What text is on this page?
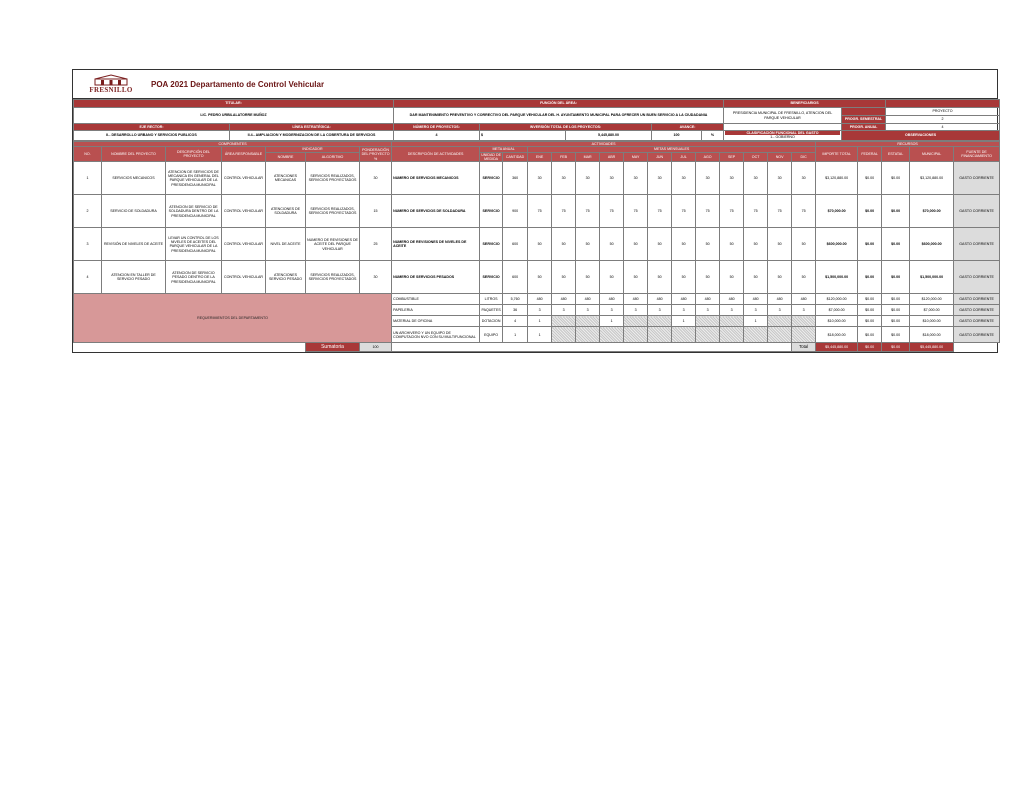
FRESNILLO
POA 2021 Departamento de Control Vehicular
TITULAR:		FUNCIÓN DEL ÁREA:					BENEFICIARIOS		
LIC. PEDRO URBILALATORRE MUÑOZ		DAR MANTENIMIENTO PREVENTIVO Y CORRECTIVO DEL PARQUE VEHICULAR DEL H. AYUNTAMIENTO MUNICIPAL PARA OFRECER UN BUEN SERVICIO A LA CIUDADANIA					PRESIDENCIA MUNICIPAL DE FRESNILLO, ATENCION DEL PARQUE VEHICULAR		PROYECTO
								PROGR. SEMESTRAL	2
EJE RECTOR:	LÍNEA ESTRATÉGICA:	NÚMERO DE PROYECTOS:	INVERSIÓN TOTAL DE LOS PROYECTOS:		AVANCE:			PROGR. ANUAL	4
II.- DESARROLLO URBANO Y SERVICIOS PUBLICOS	II.4.- AMPLIACION Y MODERNIZACION DE LA COBERTURA DE SERVICIOS	4	$	5,445,880.00	100	%	CLASIFICACIÓN FUNCIONAL DEL GASTO
1.- GOBIERNO	OBSERVACIONES	
COMPONENTES							ACTIVIDADES															RECURSOS				
NO.	NOMBRE DEL PROYECTO	DESCRIPCIÓN DEL PROYECTO	ÁREA RESPONSABLE	INDICADOR		PONDERACIÓN DEL PROYECTO %	DESCRIPCIÓN DE ACTIVIDADES	META ANUAL		METAS MENSUALES												IMPORTE TOTAL	FEDERAL	ESTATAL	MUNICIPAL	FUENTE DE FINANCIAMIENTO
				NOMBRE	ALGORITMO			UNIDAD DE MEDIDA	CANTIDAD	ENE	FEB	MAR	ABR	MAY	JUN	JUL	AGO	SEP	OCT	NOV	DIC					
1	SERVICIOS MECANICOS	ATENCION DE SERVICIOS DE MECANICA EN GENERAL DEL PARQUE VEHICULAR DE LA PRESIDENCIA MUNICIPAL	CONTROL VEHICULAR	ATENCIONES MECANICAS	SERVICIOS REALIZADOS, SERVICIOS PROYECTADOS	30	NUMERO DE SERVICIOS MECANICOS	SERVICIO	360	30	30	30	30	30	30	30	30	30	30	30	30	$3,120,880.00	$0.00	$0.00	$3,120,880.00	GASTO CORRIENTE
2	SERVICIO DE SOLDADURA	ATENCION DE SERVICIO DE SOLDADURA DENTRO DE LA PRESIDENCIA MUNICIPAL	CONTROL VEHICULAR	ATENCIONES DE SOLDADURA	SERVICIOS REALIZADOS, SERVICIOS PROYECTADOS	15	NUMERO DE SERVICIOS DE SOLDADURA	SERVICIO	900	75	75	75	75	75	75	75	75	75	75	75	75	$70,000.00	$0.00	$0.00	$70,000.00	GASTO CORRIENTE
3	REVISIÓN DE NIVELES DE ACEITE	LEVAR UN CONTROL DE LOS NIVELES DE ACEITES DEL PARQUE VEHICULAR DE LA PRESIDENCIA MUNICIPAL	CONTROL VEHICULAR	NIVEL DE ACEITE	NUMERO DE REVISIONES DE ACEITE DEL PARQUE VEHICULAR	25	NUMERO DE REVISIONES DE NIVELES DE ACEITE	SERVICIO	600	50	50	50	50	50	50	50	50	50	50	50	50	$600,000.00	$0.00	$0.00	$600,000.00	GASTO CORRIENTE
4	ATENCION EN TALLER DE SERVICIO PESADO	ATENCION DE SERVICIO PESADO DENTRO DE LA PRESIDENCIA MUNICIPAL	CONTROL VEHICULAR	ATENCIONES SERVICIO PESADO	SERVICIOS REALIZADOS, SERVICIOS PROYECTADOS	30	NUMERO DE SERVICIOS PESADOS	SERVICIO	600	50	50	50	50	50	50	50	50	50	50	50	50	$1,500,000.00	$0.00	$0.00	$1,500,000.00	GASTO CORRIENTE
REQUERIMIENTOS DEL DEPARTAMENTO							COMBUSTIBLE	LITROS	5,760	480	480	480	480	480	480	480	480	480	480	480	480	$120,000.00	$0.00	$0.00	$120,000.00	GASTO CORRIENTE
							PAPELERIA	PAQUETES	36	3	3	3	3	3	3	3	3	3	3	3	3	$7,000.00	$0.00	$0.00	$7,000.00	GASTO CORRIENTE
							MATERIAL DE OFICINA	DOTACION	4	1			1			1			1			$10,000.00	$0.00	$0.00	$10,000.00	GASTO CORRIENTE
							UN ARCHIVERO Y UN EQUIPO DE COMPUTACION NVO CON SU MULTIFUNCIONAL	EQUIPO	1	1												$18,000.00	$0.00	$0.00	$18,000.00	GASTO CORRIENTE
					Sumatoria	100															Total	$5,445,880.00	$0.00	$0.00	$5,445,880.00	
